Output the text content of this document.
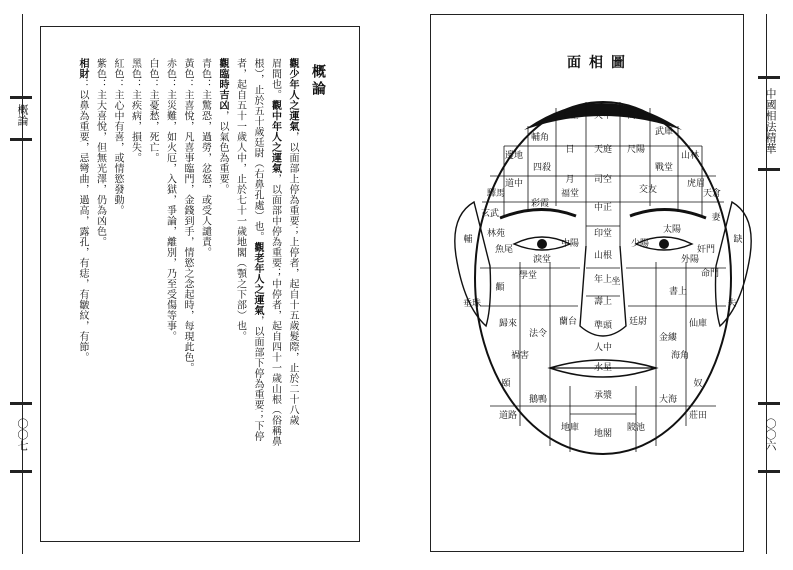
概論
〇〇七
概論
觀少年人之運氣，以面部上停為重要；上停者，起自十五歲髮際，止於二十八歲
眉間也。觀中年人之運氣，以面部中停為重要；中停者，起自四十一歲山根（俗稱鼻
根），止於五十歲廷尉（右鼻孔處）也。觀老年人之運氣，以面部下停為重要；下停
者，起自五十一歲人中，止於七十一歲地閣（顎之下部）也。
觀臨時吉凶，以氣色為重要。
青色：主驚恐，過勞，忿怒，或受人譴責。
黃色：主喜悅，凡喜事臨門，金錢到手，情慾之念起時，每現此色。
赤色：主災難，如火厄，入獄，爭論，離別，乃至受傷等事。
白色：主憂愁，死亡。
黑色：主疾病，損失。
紅色：主心中有喜，或情慾發動。
紫色：主大喜悅，但無光澤，仍為凶色。
相財：以鼻為重要，忌彎曲，過高，露孔，有痣，有皺紋，有節。	中國相法精華
〇〇六
面相圖
天中
天庭
司空
中正
印堂
山根
年上
壽上
準頭
人中
水星
承漿
地閣
上墓
日
月
高廣
尺陽
武庫
輔角
邊地	山林
四殺	戰堂
交友
道中	虎眉
驛馬	天倉
福堂
彩霞
玄武	妻
林苑
魚尾	奸門
命門
淚堂
中陽	少陽
太陽
外陽
顴
蘭台	廷尉
法令	金縷
歸來	仙庫
禍害	海角
頤	奴
道路	莊田
地庫	陂池
鵝鴨	大海
輔	缺
垂珠	夫
坐
學堂
書上
